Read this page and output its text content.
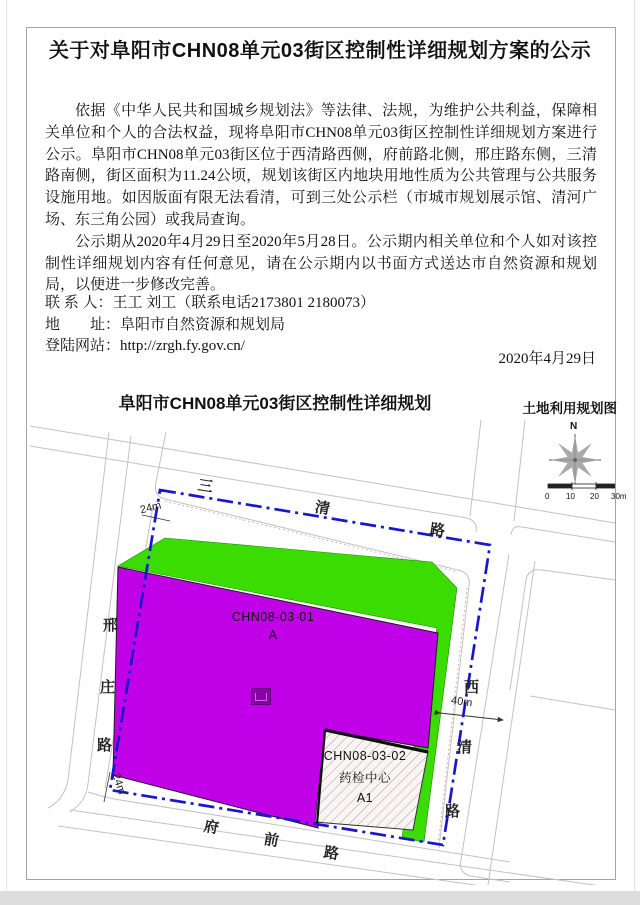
关于对阜阳市CHN08单元03街区控制性详细规划方案的公示

依据《中华人民共和国城乡规划法》等法律、法规，为维护公共利益，保障相关单位和个人的合法权益，现将阜阳市CHN08单元03街区控制性详细规划方案进行公示。阜阳市CHN08单元03街区位于西清路西侧，府前路北侧，邢庄路东侧，三清路南侧，街区面积为11.24公顷，规划该街区内地块用地性质为公共管理与公共服务设施用地。如因版面有限无法看清，可到三处公示栏（市城市规划展示馆、清河广场、东三角公园）或我局查询。

公示期从2020年4月29日至2020年5月28日。公示期内相关单位和个人如对该控制性详细规划内容有任何意见，请在公示期内以书面方式送达市自然资源和规划局，以便进一步修改完善。

联 系 人：王工 刘工（联系电话2173801 2180073）
地　　址：阜阳市自然资源和规划局
登陆网站：http://zrgh.fy.gov.cn/
2020年4月29日
阜阳市CHN08单元03街区控制性详细规划	土地利用规划图
三
清
路
邢
庄
路
西
清
路
府
前
路
24m
24m
40m
CHN08-03-01
A
CHN08-03-02
药检中心
A1
N
0 10 20 30m
